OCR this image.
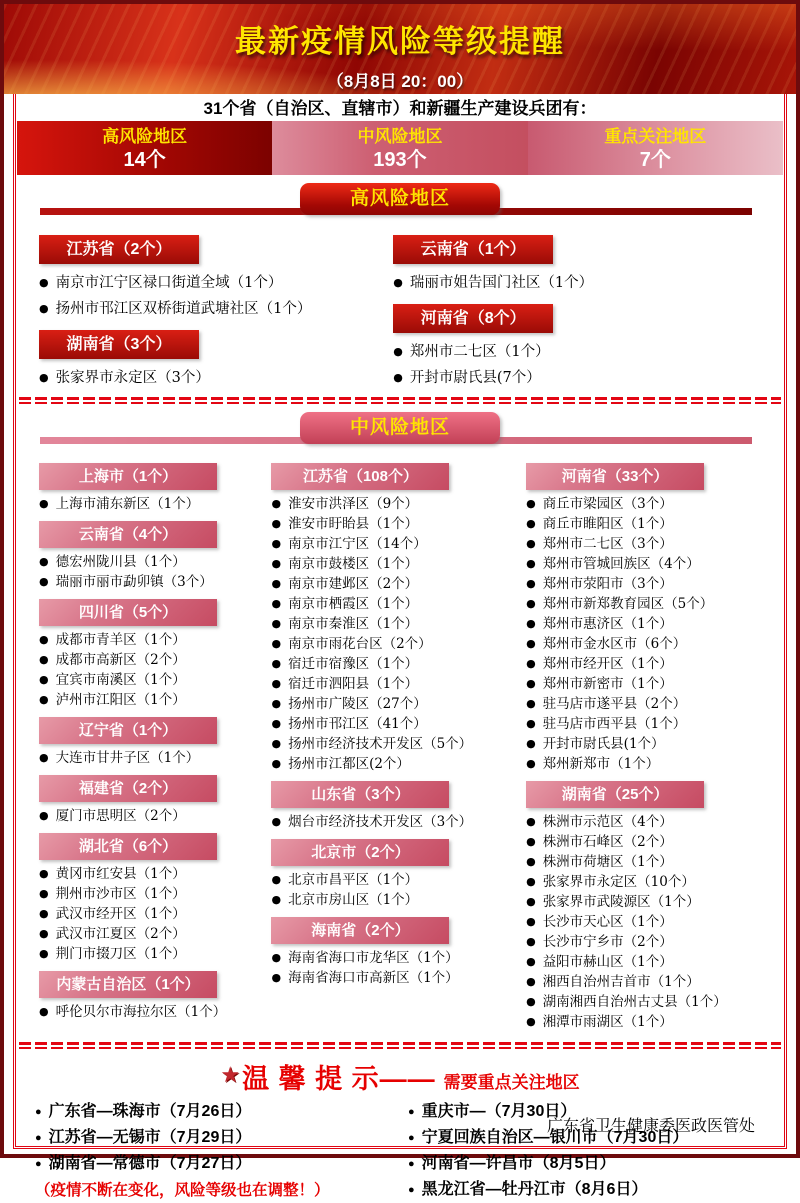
最新疫情风险等级提醒
（8月8日 20：00）
31个省（自治区、直辖市）和新疆生产建设兵团有：
高风险地区
14个
中风险地区
193个
重点关注地区
7个
高风险地区
江苏省（2个）
● 南京市江宁区禄口街道全域（1个）
● 扬州市邗江区双桥街道武塘社区（1个）
湖南省（3个）
● 张家界市永定区（3个）
云南省（1个）
● 瑞丽市姐告国门社区（1个）
河南省（8个）
● 郑州市二七区（1个）
● 开封市尉氏县(7个）
中风险地区
上海市（1个）
● 上海市浦东新区（1个）
云南省（4个）
● 德宏州陇川县（1个）
● 瑞丽市丽市勐卯镇（3个）
四川省（5个）
● 成都市青羊区（1个）
● 成都市高新区（2个）
● 宜宾市南溪区（1个）
● 泸州市江阳区（1个）
辽宁省（1个）
● 大连市甘井子区（1个）
福建省（2个）
● 厦门市思明区（2个）
湖北省（6个）
● 黄冈市红安县（1个）
● 荆州市沙市区（1个）
● 武汉市经开区（1个）
● 武汉市江夏区（2个）
● 荆门市掇刀区（1个）
内蒙古自治区（1个）
● 呼伦贝尔市海拉尔区（1个）
江苏省（108个）
● 淮安市洪泽区（9个）
● 淮安市盱眙县（1个）
● 南京市江宁区（14个）
● 南京市鼓楼区（1个）
● 南京市建邺区（2个）
● 南京市栖霞区（1个）
● 南京市秦淮区（1个）
● 南京市雨花台区（2个）
● 宿迁市宿豫区（1个）
● 宿迁市泗阳县（1个）
● 扬州市广陵区（27个）
● 扬州市邗江区（41个）
● 扬州市经济技术开发区（5个）
● 扬州市江都区(2个）
山东省（3个）
● 烟台市经济技术开发区（3个）
北京市（2个）
● 北京市昌平区（1个）
● 北京市房山区（1个）
海南省（2个）
● 海南省海口市龙华区（1个）
● 海南省海口市高新区（1个）
河南省（33个）
● 商丘市梁园区（3个）
● 商丘市睢阳区（1个）
● 郑州市二七区（3个）
● 郑州市管城回族区（4个）
● 郑州市荥阳市（3个）
● 郑州市新郑教育园区（5个）
● 郑州市惠济区（1个）
● 郑州市金水区市（6个）
● 郑州市经开区（1个）
● 郑州市新密市（1个）
● 驻马店市遂平县（2个）
● 驻马店市西平县（1个）
● 开封市尉氏县(1个）
● 郑州新郑市（1个）
湖南省（25个）
● 株洲市示范区（4个）
● 株洲市石峰区（2个）
● 株洲市荷塘区（1个）
● 张家界市永定区（10个）
● 张家界市武陵源区（1个）
● 长沙市天心区（1个）
● 长沙市宁乡市（2个）
● 益阳市赫山区（1个）
● 湘西自治州吉首市（1个）
● 湖南湘西自治州古丈县（1个）
● 湘潭市雨湖区（1个）
★温 馨 提 示—— 需要重点关注地区
● 广东省—珠海市（7月26日）
● 江苏省—无锡市（7月29日）
● 湖南省—常德市（7月27日）
（疫情不断在变化，风险等级也在调整！）
● 重庆市—（7月30日）
● 宁夏回族自治区—银川市（7月30日）
● 河南省—许昌市（8月5日）
● 黑龙江省—牡丹江市（8月6日）
广东省卫生健康委医政医管处
